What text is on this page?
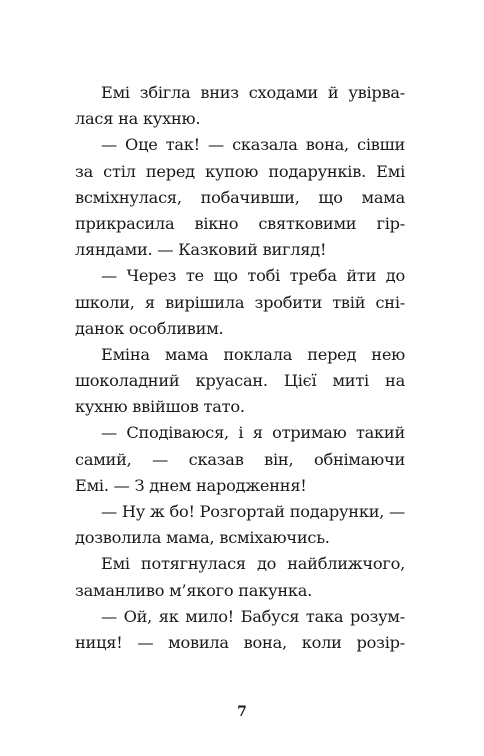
Емі збігла вниз сходами й увірва-
лася на кухню.
— Оце так! — сказала вона, сівши
за стіл перед купою подарунків. Емі
всміхнулася, побачивши, що мама
прикрасила вікно святковими гір-
ляндами. — Казковий вигляд!
— Через те що тобі треба йти до
школи, я вирішила зробити твій сні-
данок особливим.
Еміна мама поклала перед нею
шоколадний круасан. Цієї миті на
кухню ввійшов тато.
— Сподіваюся, і я отримаю такий
самий, — сказав він, обнімаючи
Емі. — З днем народження!
— Ну ж бо! Розгортай подарунки, —
дозволила мама, всміхаючись.
Емі потягнулася до найближчого,
заманливо м’якого пакунка.
— Ой, як мило! Бабуся така розум-
ниця! — мовила вона, коли розір-
7
